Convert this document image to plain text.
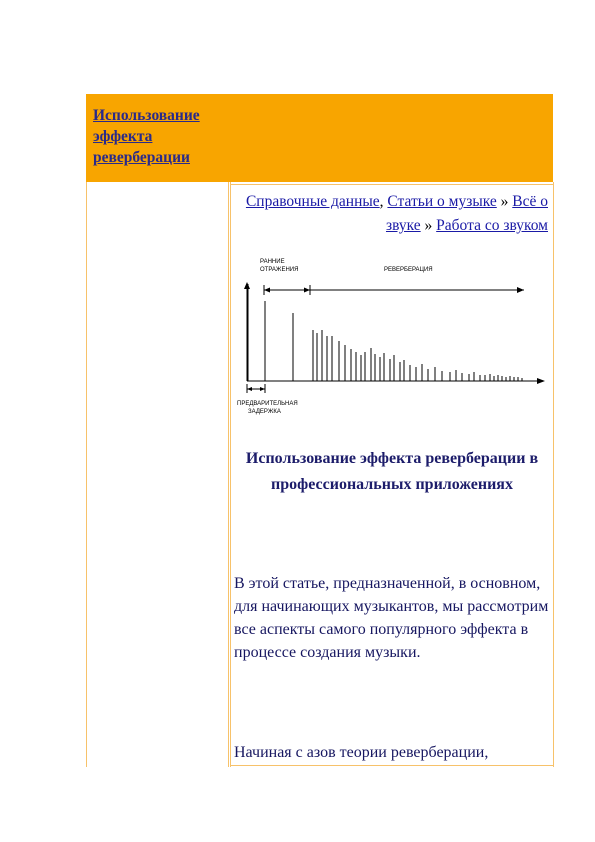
Использование эффекта реверберации
Справочные данные, Статьи о музыке » Всё о звуке » Работа со звуком
РАННИЕ
ОТРАЖЕНИЯ	РЕВЕРБЕРАЦИЯ
ПРЕДВАРИТЕЛЬНАЯ
ЗАДЕРЖКА
Использование эффекта реверберации в профессиональных приложениях
В этой статье, предназначенной, в основном, для начинающих музыкантов, мы рассмотрим все аспекты самого популярного эффекта в процессе создания музыки.
Начиная с азов теории реверберации,
